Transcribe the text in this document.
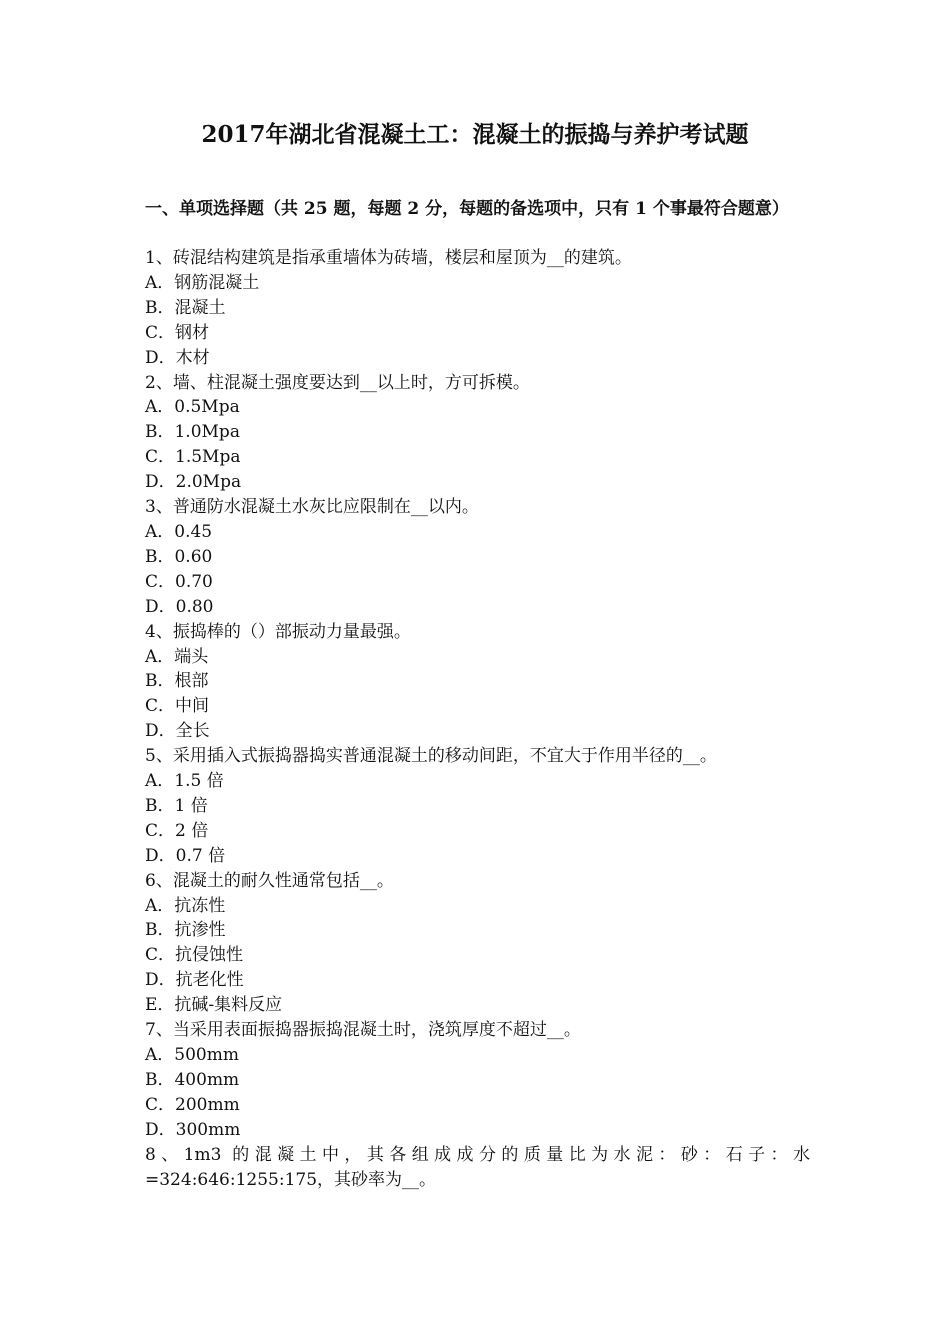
2017年湖北省混凝土工：混凝土的振捣与养护考试题
一、单项选择题（共 25 题，每题 2 分，每题的备选项中，只有 1 个事最符合题意）
1、砖混结构建筑是指承重墙体为砖墙，楼层和屋顶为__的建筑。
A．钢筋混凝土
B．混凝土
C．钢材
D．木材
2、墙、柱混凝土强度要达到__以上时，方可拆模。
A．0.5Mpa
B．1.0Mpa
C．1.5Mpa
D．2.0Mpa
3、普通防水混凝土水灰比应限制在__以内。
A．0.45
B．0.60
C．0.70
D．0.80
4、振捣棒的（）部振动力量最强。
A．端头
B．根部
C．中间
D．全长
5、采用插入式振捣器捣实普通混凝土的移动间距，不宜大于作用半径的__。
A．1.5 倍
B．1 倍
C．2 倍
D．0.7 倍
6、混凝土的耐久性通常包括__。
A．抗冻性
B．抗渗性
C．抗侵蚀性
D．抗老化性
E．抗碱-集料反应
7、当采用表面振捣器振捣混凝土时，浇筑厚度不超过__。
A．500mm
B．400mm
C．200mm
D．300mm
8、1m3 的混凝土中，其各组成成分的质量比为水泥：砂：石子：水=324:646:1255:175，其砂率为__。
